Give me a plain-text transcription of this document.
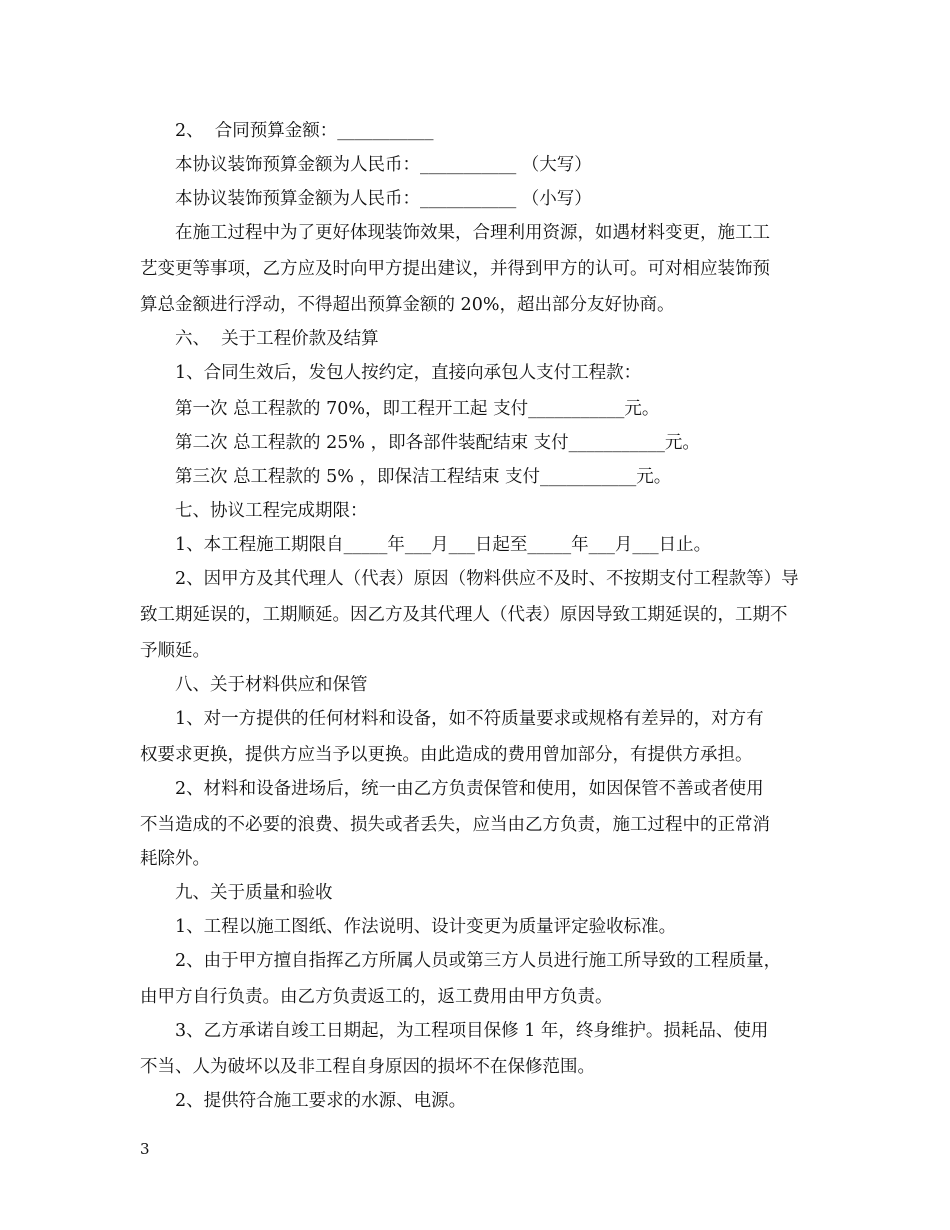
2、  合同预算金额：___________
本协议装饰预算金额为人民币：___________ （大写）
本协议装饰预算金额为人民币：___________ （小写）
在施工过程中为了更好体现装饰效果，合理利用资源，如遇材料变更，施工工
艺变更等事项，乙方应及时向甲方提出建议，并得到甲方的认可。可对相应装饰预
算总金额进行浮动，不得超出预算金额的 20%，超出部分友好协商。
六、  关于工程价款及结算
1、合同生效后，发包人按约定，直接向承包人支付工程款：
第一次 总工程款的 70%，即工程开工起 支付___________元。
第二次 总工程款的 25% ，即各部件装配结束 支付___________元。
第三次 总工程款的 5% ，即保洁工程结束 支付___________元。
七、协议工程完成期限：
1、本工程施工期限自_____年___月___日起至_____年___月___日止。
2、因甲方及其代理人（代表）原因（物料供应不及时、不按期支付工程款等）导
致工期延误的，工期顺延。因乙方及其代理人（代表）原因导致工期延误的，工期不
予顺延。
八、关于材料供应和保管
1、对一方提供的任何材料和设备，如不符质量要求或规格有差异的，对方有
权要求更换，提供方应当予以更换。由此造成的费用曾加部分，有提供方承担。
2、材料和设备进场后，统一由乙方负责保管和使用，如因保管不善或者使用
不当造成的不必要的浪费、损失或者丢失，应当由乙方负责，施工过程中的正常消
耗除外。
九、关于质量和验收
1、工程以施工图纸、作法说明、设计变更为质量评定验收标准。
2、由于甲方擅自指挥乙方所属人员或第三方人员进行施工所导致的工程质量，
由甲方自行负责。由乙方负责返工的，返工费用由甲方负责。
3、乙方承诺自竣工日期起，为工程项目保修 1 年，终身维护。损耗品、使用
不当、人为破坏以及非工程自身原因的损坏不在保修范围。
2、提供符合施工要求的水源、电源。
3
